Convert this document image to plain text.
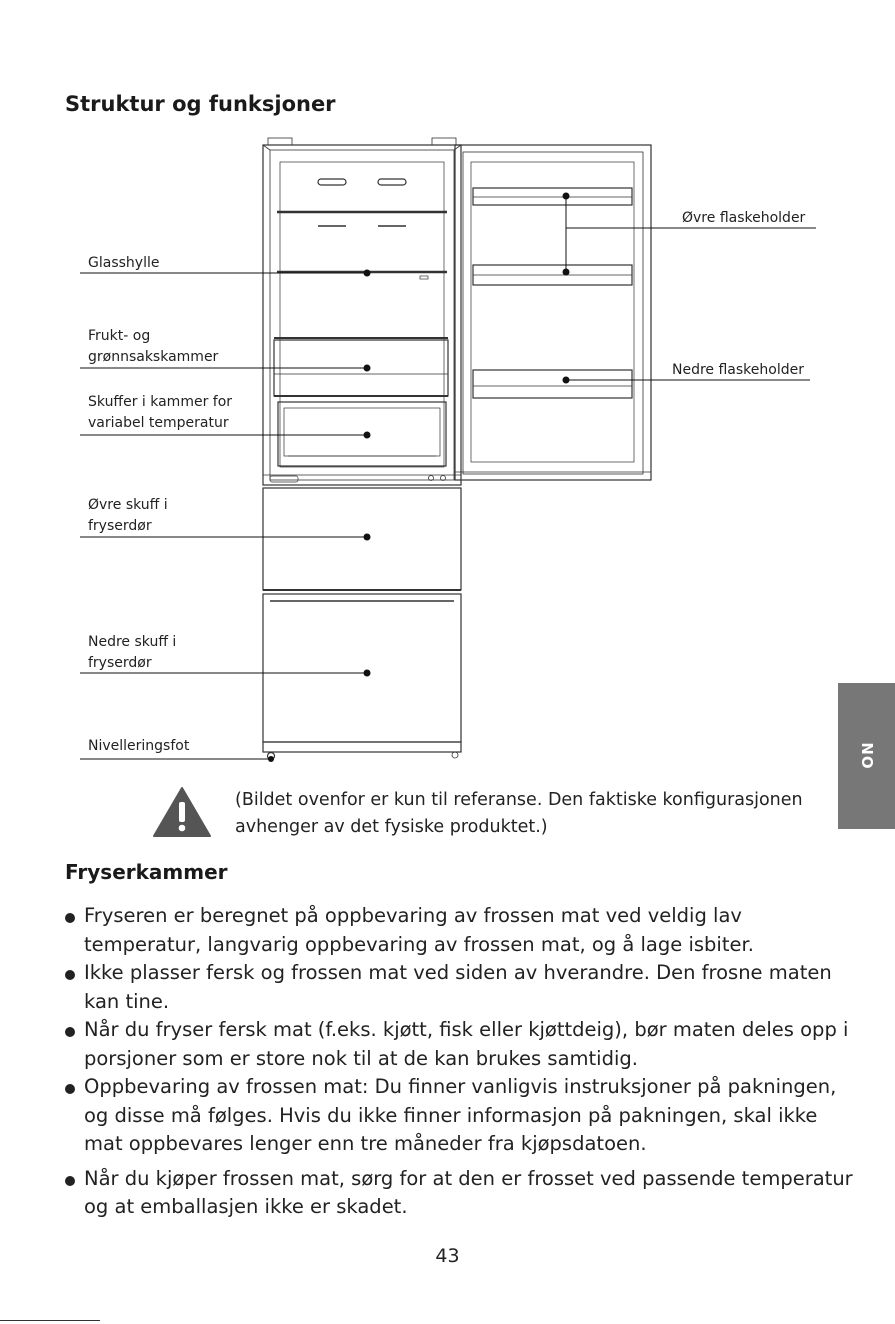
Struktur og funksjoner
Glasshylle
Frukt- og
grønnsakskammer
Skuffer i kammer for
variabel temperatur
Øvre skuff i
fryserdør
Nedre skuff i
fryserdør
Nivelleringsfot
Øvre flaskeholder
Nedre flaskeholder
NO
(Bildet ovenfor er kun til referanse. Den faktiske konfigurasjonen avhenger av det fysiske produktet.)
Fryserkammer
Fryseren er beregnet på oppbevaring av frossen mat ved veldig lav temperatur, langvarig oppbevaring av frossen mat, og å lage isbiter.
Ikke plasser fersk og frossen mat ved siden av hverandre. Den frosne maten kan tine.
Når du fryser fersk mat (f.eks. kjøtt, fisk eller kjøttdeig), bør maten deles opp i porsjoner som er store nok til at de kan brukes samtidig.
Oppbevaring av frossen mat: Du finner vanligvis instruksjoner på pakningen, og disse må følges. Hvis du ikke finner informasjon på pakningen, skal ikke mat oppbevares lenger enn tre måneder fra kjøpsdatoen.
Når du kjøper frossen mat, sørg for at den er frosset ved passende temperatur og at emballasjen ikke er skadet.
43
